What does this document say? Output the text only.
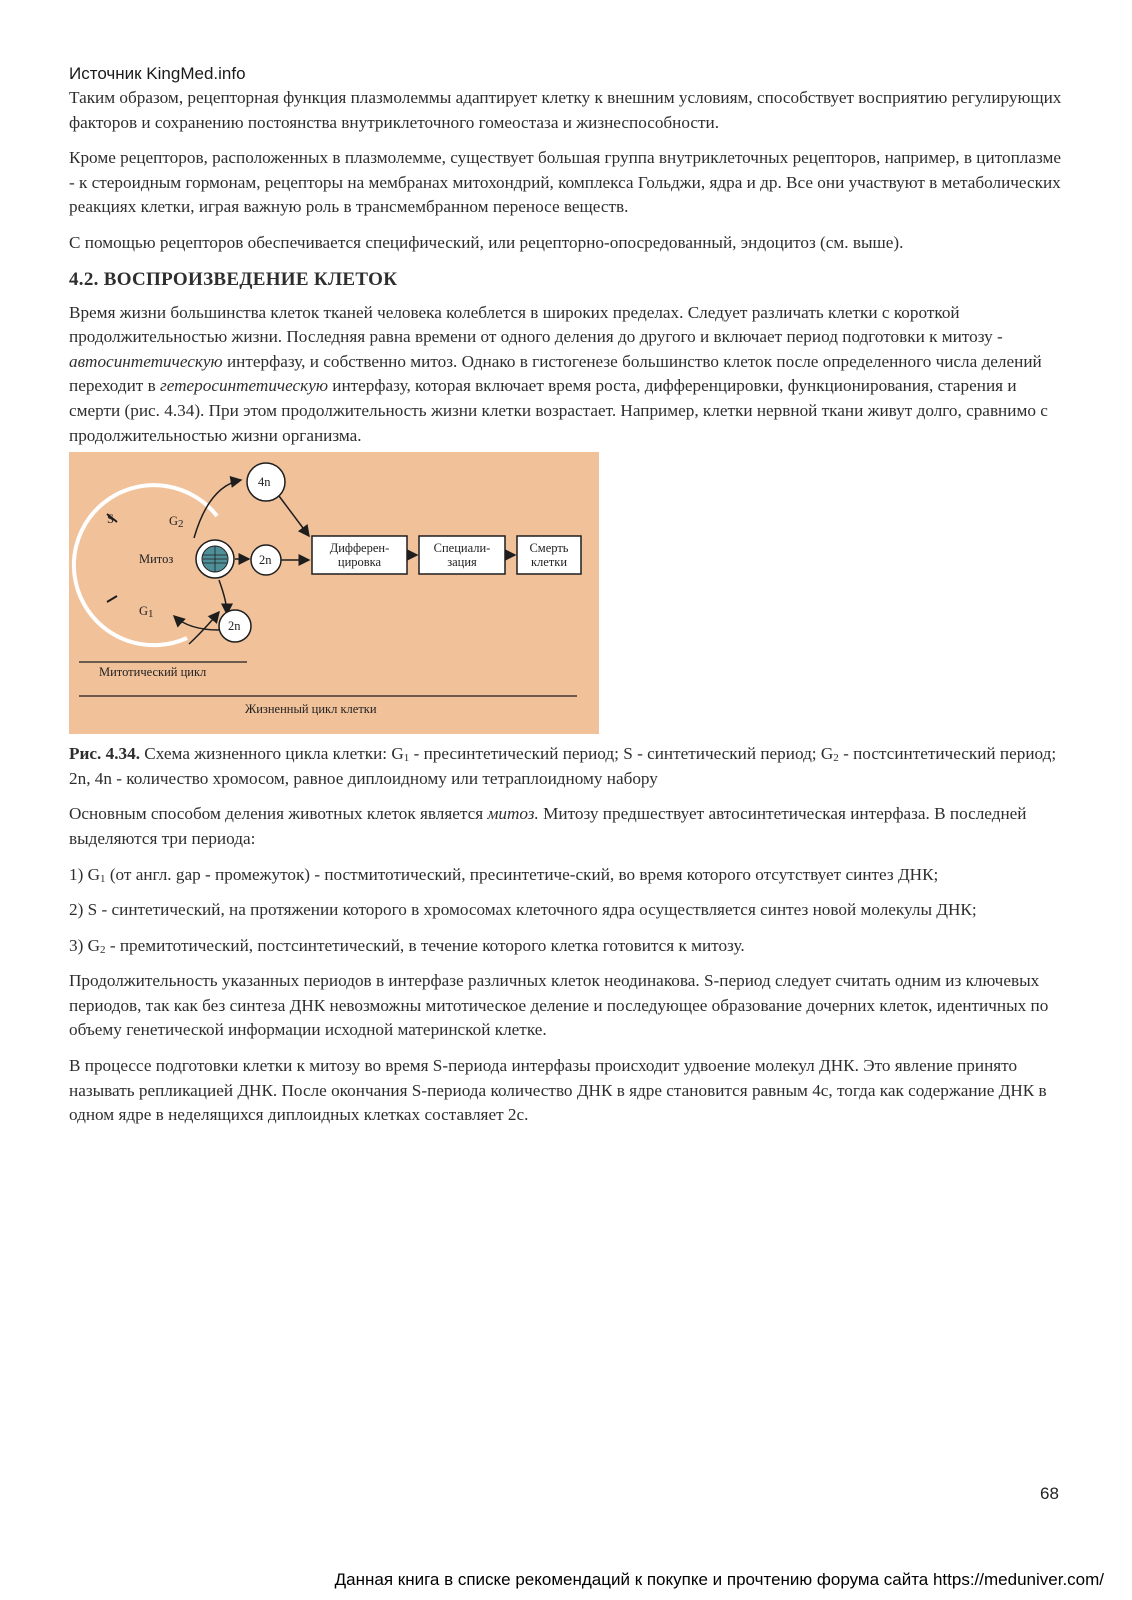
Источник KingMed.info

Таким образом, рецепторная функция плазмолеммы адаптирует клетку к внешним условиям, способствует восприятию регулирующих факторов и сохранению постоянства внутриклеточного гомеостаза и жизнеспособности.

Кроме рецепторов, расположенных в плазмолемме, существует большая группа внутриклеточных рецепторов, например, в цитоплазме - к стероидным гормонам, рецепторы на мембранах митохондрий, комплекса Гольджи, ядра и др. Все они участвуют в метаболических реакциях клетки, играя важную роль в трансмембранном переносе веществ.

С помощью рецепторов обеспечивается специфический, или рецепторно-опосредованный, эндоцитоз (см. выше).

4.2. ВОСПРОИЗВЕДЕНИЕ КЛЕТОК

Время жизни большинства клеток тканей человека колеблется в широких пределах. Следует различать клетки с короткой продолжительностью жизни. Последняя равна времени от одного деления до другого и включает период подготовки к митозу - автосинтетическую интерфазу, и собственно митоз. Однако в гистогенезе большинство клеток после определенного числа делений переходит в гетеросинтетическую интерфазу, которая включает время роста, дифференцировки, функционирования, старения и смерти (рис. 4.34). При этом продолжительность жизни клетки возрастает. Например, клетки нервной ткани живут долго, сравнимо с продолжительностью жизни организма.

S	$G_2$
$G_1$
Митоз
4n
2n
2n
Дифферен-
цировка
Специали-
зация
Смерть
клетки
Митотический цикл
Жизненный цикл клетки

Рис. 4.34. Схема жизненного цикла клетки: $G_1$ - пресинтетический период; S - синтетический период; $G_2$ - постсинтетический период; 2n, 4n - количество хромосом, равное диплоидному или тетраплоидному набору

Основным способом деления животных клеток является митоз. Митозу предшествует автосинтетическая интерфаза. В последней выделяются три периода:

1) $G_1$ (от англ. gap - промежуток) - постмитотический, пресинтетиче-ский, во время которого отсутствует синтез ДНК;

2) S - синтетический, на протяжении которого в хромосомах клеточного ядра осуществляется синтез новой молекулы ДНК;

3) $G_2$ - премитотический, постсинтетический, в течение которого клетка готовится к митозу.

Продолжительность указанных периодов в интерфазе различных клеток неодинакова. S-период следует считать одним из ключевых периодов, так как без синтеза ДНК невозможны митотическое деление и последующее образование дочерних клеток, идентичных по объему генетической информации исходной материнской клетке.

В процессе подготовки клетки к митозу во время S-периода интерфазы происходит удвоение молекул ДНК. Это явление принято называть репликацией ДНК. После окончания S-периода количество ДНК в ядре становится равным 4c, тогда как содержание ДНК в одном ядре в неделящихся диплоидных клетках составляет 2c.

68
Данная книга в списке рекомендаций к покупке и прочтению форума сайта https://meduniver.com/
